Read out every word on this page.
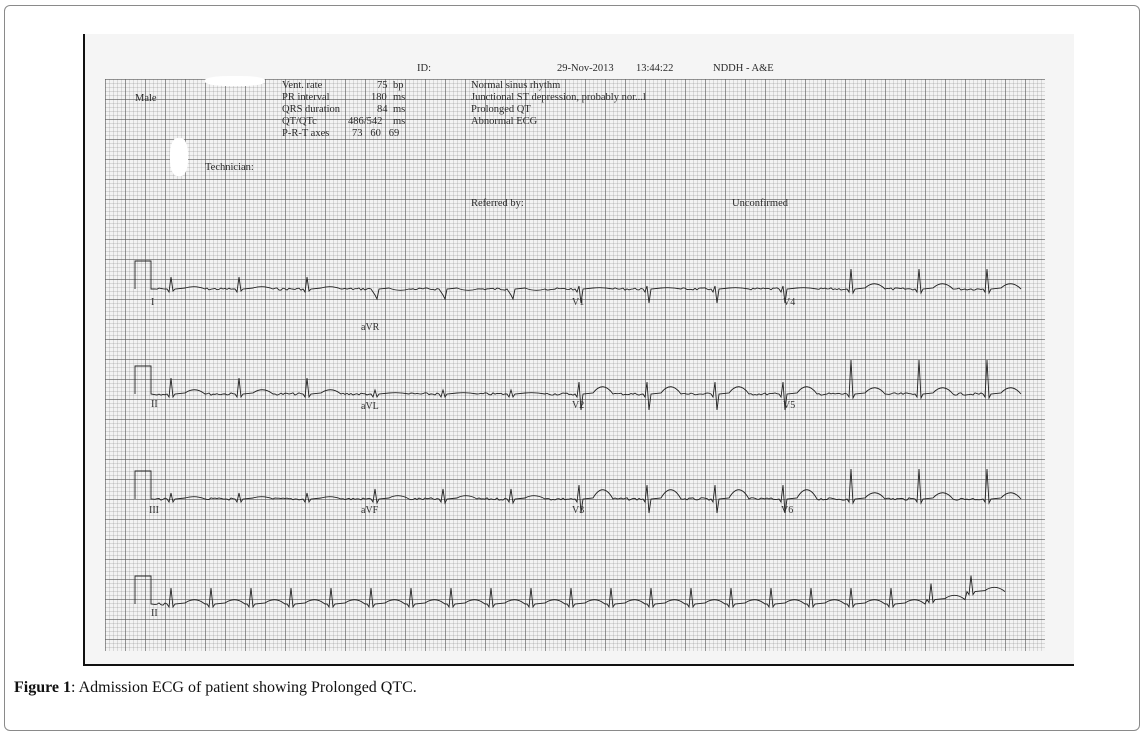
ID:	29-Nov-2013 13:44:22	NDDH - A&E
Male
Vent. rate	75 bp
PR interval	180 ms
QRS duration	84 ms
QT/QTc	486/542 ms
P-R-T axes 73   60   69
Normal sinus rhythm
Junctional ST depression, probably nor...l
Prolonged QT
Abnormal ECG
Technician:
Referred by:	Unconfirmed
I
aVR
V1	V4
II	aVL	V2	V5
III	aVF	V3	V6
II
Figure 1: Admission ECG of patient showing Prolonged QTC.
